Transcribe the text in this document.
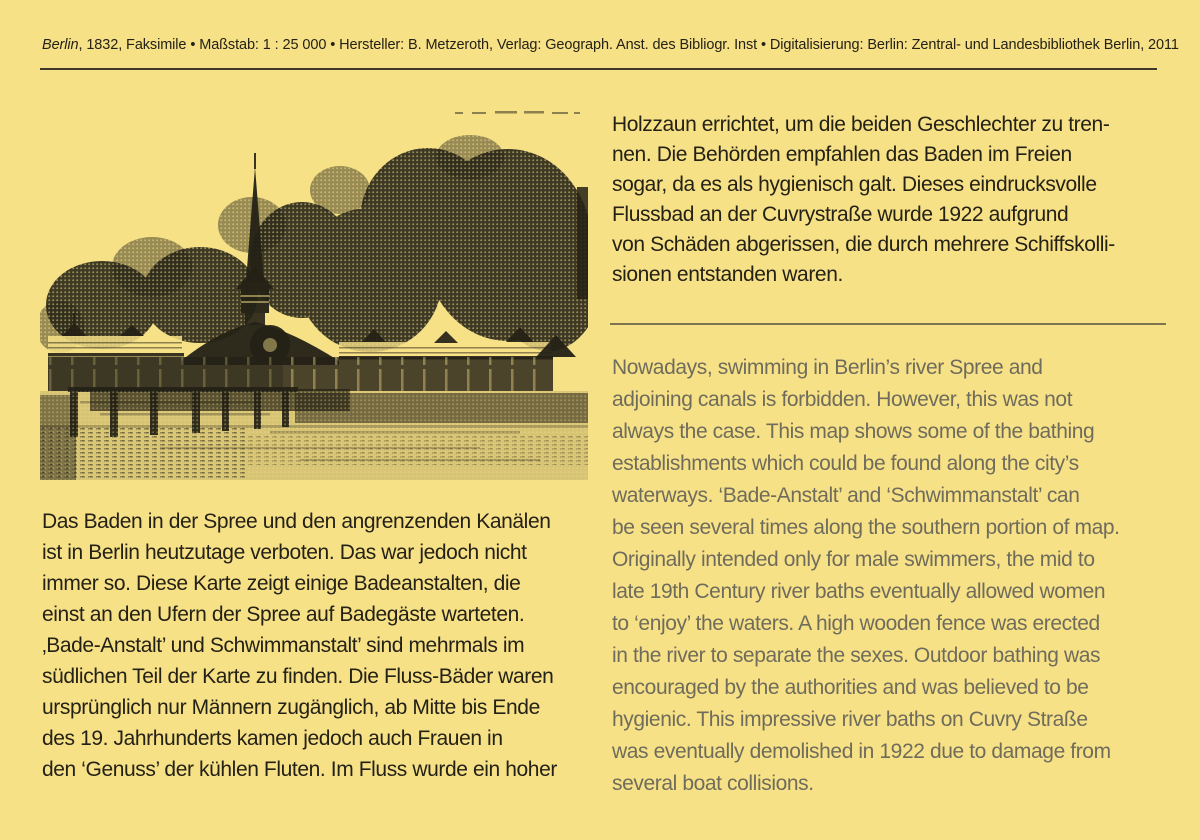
Berlin, 1832, Faksimile • Maßstab: 1 : 25 000 • Hersteller: B. Metzeroth, Verlag: Geograph. Anst. des Bibliogr. Inst • Digitalisierung: Berlin: Zentral- und Landesbibliothek Berlin, 2011
Das Baden in der Spree und den angrenzenden Kanälen
ist in Berlin heutzutage verboten. Das war jedoch nicht
immer so. Diese Karte zeigt einige Badeanstalten, die
einst an den Ufern der Spree auf Badegäste warteten.
‚Bade-Anstalt’ und Schwimmanstalt’ sind mehrmals im
südlichen Teil der Karte zu finden. Die Fluss-Bäder waren
ursprünglich nur Männern zugänglich, ab Mitte bis Ende
des 19. Jahrhunderts kamen jedoch auch Frauen in
den ‘Genuss’ der kühlen Fluten. Im Fluss wurde ein hoher
Holzzaun errichtet, um die beiden Geschlechter zu tren-
nen. Die Behörden empfahlen das Baden im Freien
sogar, da es als hygienisch galt. Dieses eindrucksvolle
Flussbad an der Cuvrystraße wurde 1922 aufgrund
von Schäden abgerissen, die durch mehrere Schiffskolli-
sionen entstanden waren.
Nowadays, swimming in Berlin’s river Spree and
adjoining canals is forbidden. However, this was not
always the case. This map shows some of the bathing
establishments which could be found along the city’s
waterways. ‘Bade-Anstalt’ and ‘Schwimmanstalt’ can
be seen several times along the southern portion of map.
Originally intended only for male swimmers, the mid to
late 19th Century river baths eventually allowed women
to ‘enjoy’ the waters. A high wooden fence was erected
in the river to separate the sexes. Outdoor bathing was
encouraged by the authorities and was believed to be
hygienic. This impressive river baths on Cuvry Straße
was eventually demolished in 1922 due to damage from
several boat collisions.
